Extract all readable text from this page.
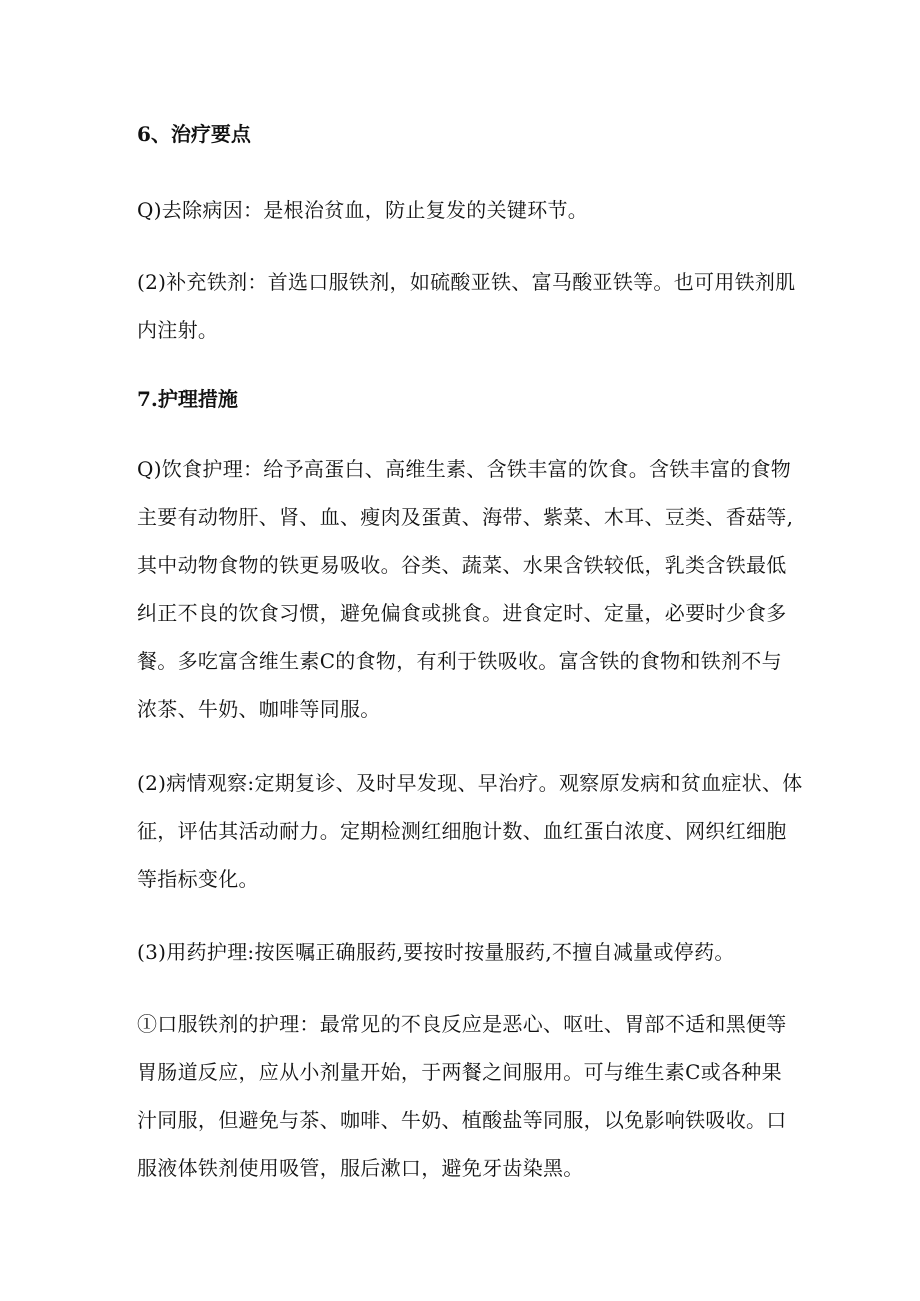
6、治疗要点
Q)去除病因：是根治贫血，防止复发的关键环节。
(2)补充铁剂：首选口服铁剂，如硫酸亚铁、富马酸亚铁等。也可用铁剂肌
内注射。
7.护理措施
Q)饮食护理：给予高蛋白、高维生素、含铁丰富的饮食。含铁丰富的食物
主要有动物肝、肾、血、瘦肉及蛋黄、海带、紫菜、木耳、豆类、香菇等,
其中动物食物的铁更易吸收。谷类、蔬菜、水果含铁较低，乳类含铁最低
纠正不良的饮食习惯，避免偏食或挑食。进食定时、定量，必要时少食多
餐。多吃富含维生素C的食物，有利于铁吸收。富含铁的食物和铁剂不与
浓茶、牛奶、咖啡等同服。
(2)病情观察:定期复诊、及时早发现、早治疗。观察原发病和贫血症状、体
征，评估其活动耐力。定期检测红细胞计数、血红蛋白浓度、网织红细胞
等指标变化。
(3)用药护理:按医嘱正确服药,要按时按量服药,不擅自减量或停药。
①口服铁剂的护理：最常见的不良反应是恶心、呕吐、胃部不适和黑便等
胃肠道反应，应从小剂量开始，于两餐之间服用。可与维生素C或各种果
汁同服，但避免与茶、咖啡、牛奶、植酸盐等同服，以免影响铁吸收。口
服液体铁剂使用吸管，服后漱口，避免牙齿染黑。
